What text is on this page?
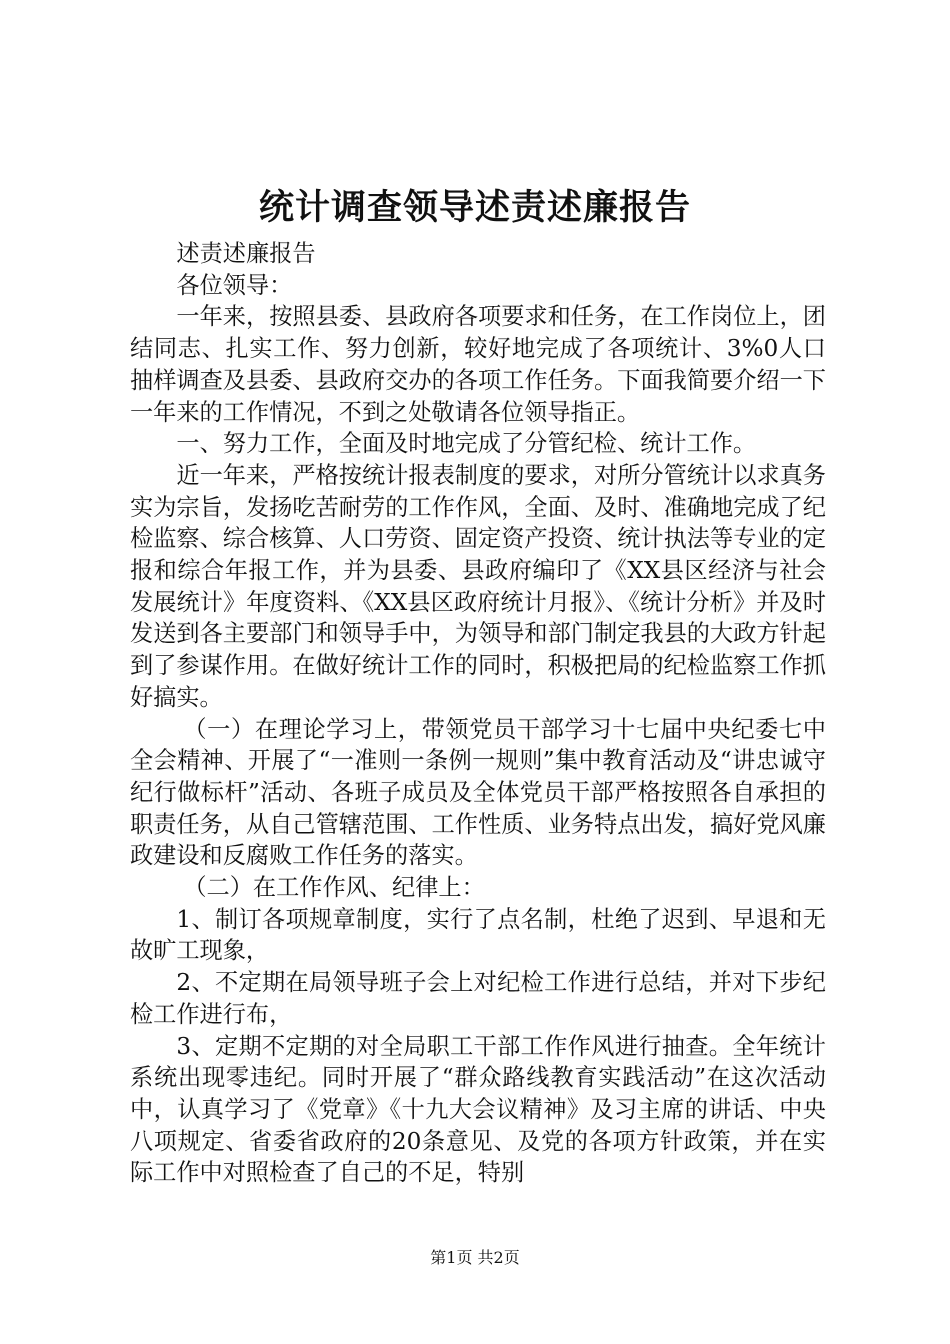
统计调查领导述责述廉报告

述责述廉报告

各位领导：

一年来，按照县委、县政府各项要求和任务，在工作岗位上，团结同志、扎实工作、努力创新，较好地完成了各项统计、3%0人口抽样调查及县委、县政府交办的各项工作任务。下面我简要介绍一下一年来的工作情况，不到之处敬请各位领导指正。

一、努力工作，全面及时地完成了分管纪检、统计工作。

近一年来，严格按统计报表制度的要求，对所分管统计以求真务实为宗旨，发扬吃苦耐劳的工作作风，全面、及时、准确地完成了纪检监察、综合核算、人口劳资、固定资产投资、统计执法等专业的定报和综合年报工作，并为县委、县政府编印了《XX县区经济与社会发展统计》年度资料、《XX县区政府统计月报》、《统计分析》并及时发送到各主要部门和领导手中，为领导和部门制定我县的大政方针起到了参谋作用。在做好统计工作的同时，积极把局的纪检监察工作抓好搞实。

（一）在理论学习上，带领党员干部学习十七届中央纪委七中全会精神、开展了“一准则一条例一规则”集中教育活动及“讲忠诚守纪行做标杆”活动、各班子成员及全体党员干部严格按照各自承担的职责任务，从自己管辖范围、工作性质、业务特点出发，搞好党风廉政建设和反腐败工作任务的落实。

（二）在工作作风、纪律上：

1、制订各项规章制度，实行了点名制，杜绝了迟到、早退和无故旷工现象，

2、不定期在局领导班子会上对纪检工作进行总结，并对下步纪检工作进行布，

3、定期不定期的对全局职工干部工作作风进行抽查。全年统计系统出现零违纪。同时开展了“群众路线教育实践活动”在这次活动中，认真学习了《党章》《十九大会议精神》及习主席的讲话、中央八项规定、省委省政府的20条意见、及党的各项方针政策，并在实际工作中对照检查了自己的不足，特别

第1页 共2页
